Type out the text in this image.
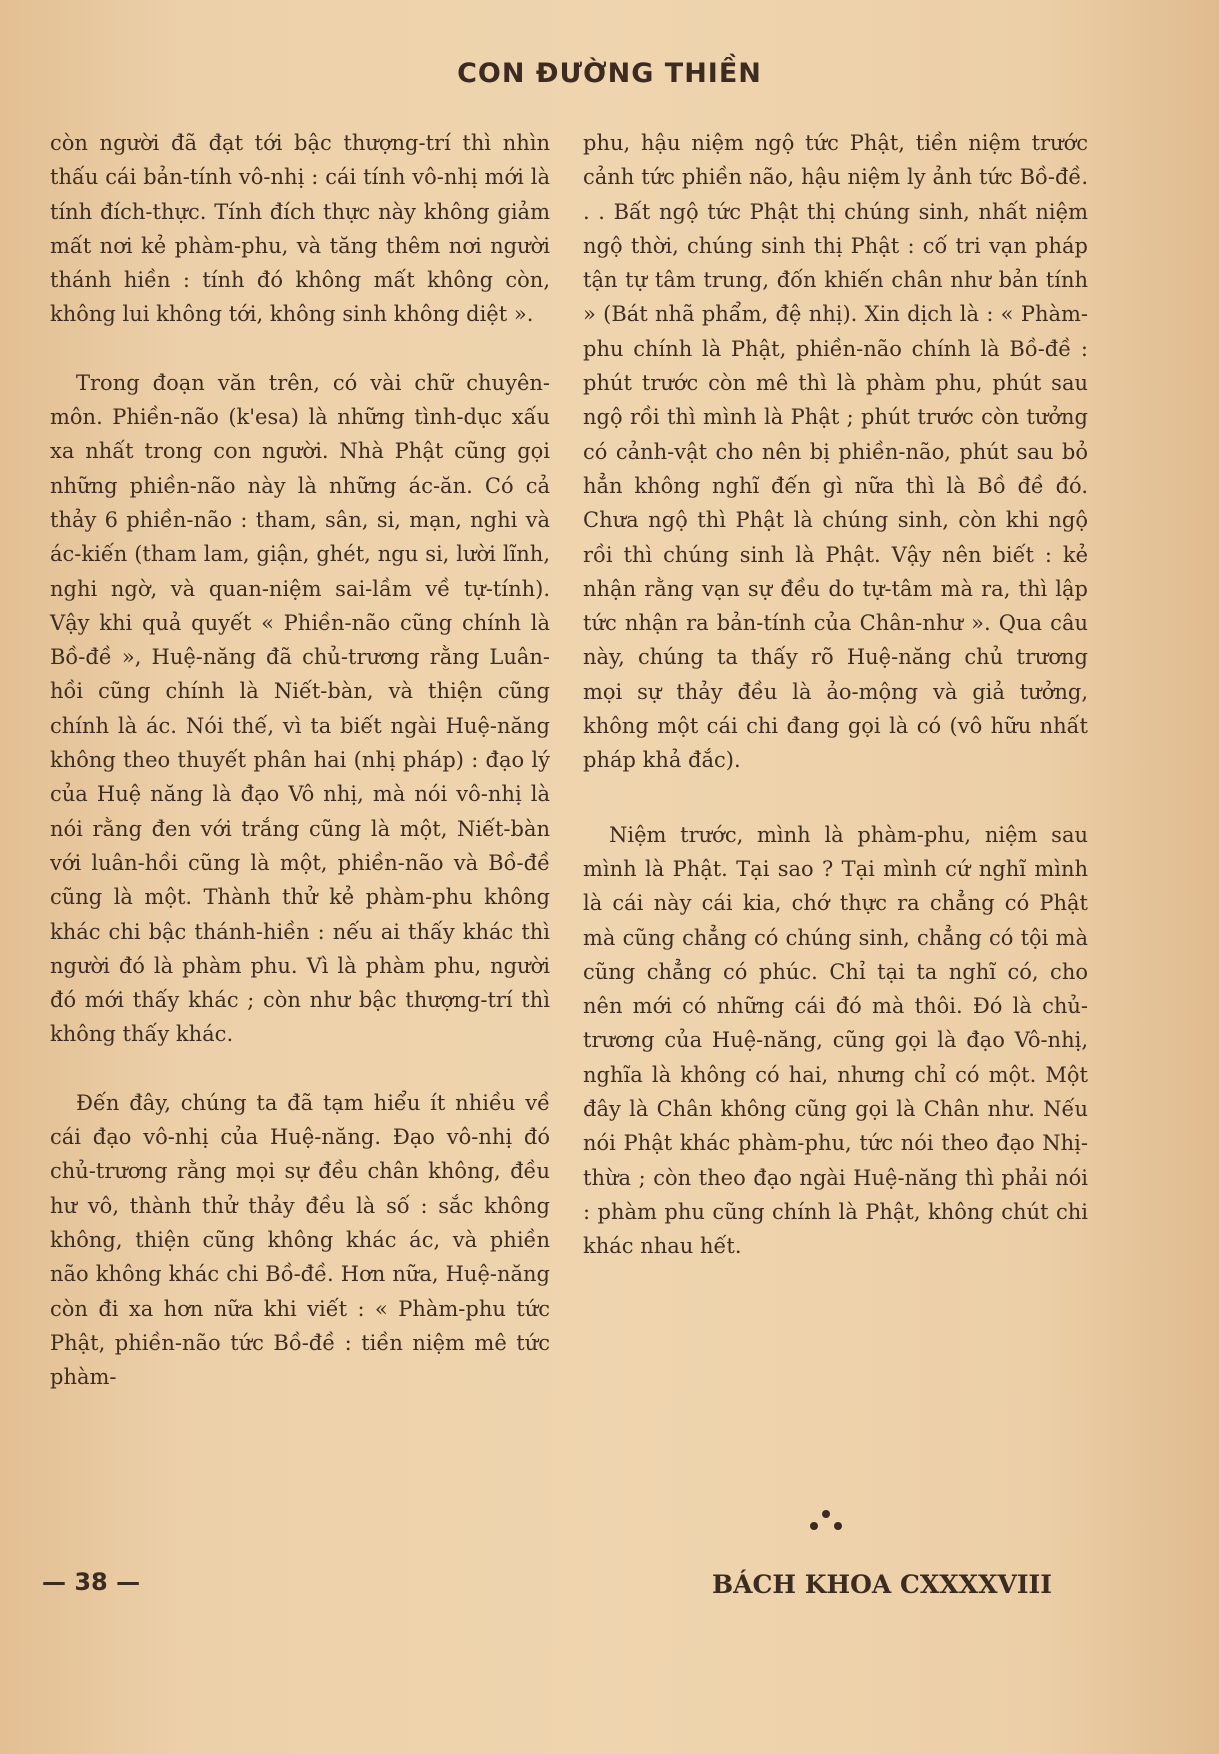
CON ĐƯỜNG THIỀN

còn người đã đạt tới bậc thượng-trí thì nhìn thấu cái bản-tính vô-nhị : cái tính vô-nhị mới là tính đích-thực. Tính đích thực này không giảm mất nơi kẻ phàm-phu, và tăng thêm nơi người thánh hiền : tính đó không mất không còn, không lui không tới, không sinh không diệt ».

Trong đoạn văn trên, có vài chữ chuyên-môn. Phiền-não (k'esa) là những tình-dục xấu xa nhất trong con người. Nhà Phật cũng gọi những phiền-não này là những ác-ăn. Có cả thảy 6 phiền-não : tham, sân, si, mạn, nghi và ác-kiến (tham lam, giận, ghét, ngu si, lười lĩnh, nghi ngờ, và quan-niệm sai-lầm về tự-tính). Vậy khi quả quyết « Phiền-não cũng chính là Bồ-đề », Huệ-năng đã chủ-trương rằng Luân-hồi cũng chính là Niết-bàn, và thiện cũng chính là ác. Nói thế, vì ta biết ngài Huệ-năng không theo thuyết phân hai (nhị pháp) : đạo lý của Huệ năng là đạo Vô nhị, mà nói vô-nhị là nói rằng đen với trắng cũng là một, Niết-bàn với luân-hồi cũng là một, phiền-não và Bồ-đề cũng là một. Thành thử kẻ phàm-phu không khác chi bậc thánh-hiền : nếu ai thấy khác thì người đó là phàm phu. Vì là phàm phu, người đó mới thấy khác ; còn như bậc thượng-trí thì không thấy khác.

Đến đây, chúng ta đã tạm hiểu ít nhiều về cái đạo vô-nhị của Huệ-năng. Đạo vô-nhị đó chủ-trương rằng mọi sự đều chân không, đều hư vô, thành thử thảy đều là số : sắc không không, thiện cũng không khác ác, và phiền não không khác chi Bồ-đề. Hơn nữa, Huệ-năng còn đi xa hơn nữa khi viết : « Phàm-phu tức Phật, phiền-não tức Bồ-đề : tiền niệm mê tức phàm-

phu, hậu niệm ngộ tức Phật, tiền niệm trước cảnh tức phiền não, hậu niệm ly ảnh tức Bồ-đề. . . Bất ngộ tức Phật thị chúng sinh, nhất niệm ngộ thời, chúng sinh thị Phật : cố tri vạn pháp tận tự tâm trung, đốn khiến chân như bản tính » (Bát nhã phẩm, đệ nhị). Xin dịch là : « Phàm-phu chính là Phật, phiền-não chính là Bồ-đề : phút trước còn mê thì là phàm phu, phút sau ngộ rồi thì mình là Phật ; phút trước còn tưởng có cảnh-vật cho nên bị phiền-não, phút sau bỏ hẳn không nghĩ đến gì nữa thì là Bồ đề đó. Chưa ngộ thì Phật là chúng sinh, còn khi ngộ rồi thì chúng sinh là Phật. Vậy nên biết : kẻ nhận rằng vạn sự đều do tự-tâm mà ra, thì lập tức nhận ra bản-tính của Chân-như ». Qua câu này, chúng ta thấy rõ Huệ-năng chủ trương mọi sự thảy đều là ảo-mộng và giả tưởng, không một cái chi đang gọi là có (vô hữu nhất pháp khả đắc).

Niệm trước, mình là phàm-phu, niệm sau mình là Phật. Tại sao ? Tại mình cứ nghĩ mình là cái này cái kia, chớ thực ra chẳng có Phật mà cũng chẳng có chúng sinh, chẳng có tội mà cũng chẳng có phúc. Chỉ tại ta nghĩ có, cho nên mới có những cái đó mà thôi. Đó là chủ-trương của Huệ-năng, cũng gọi là đạo Vô-nhị, nghĩa là không có hai, nhưng chỉ có một. Một đây là Chân không cũng gọi là Chân như. Nếu nói Phật khác phàm-phu, tức nói theo đạo Nhị-thừa ; còn theo đạo ngài Huệ-năng thì phải nói : phàm phu cũng chính là Phật, không chút chi khác nhau hết.

— 38 —	BÁCH KHOA CXXXXVIII
